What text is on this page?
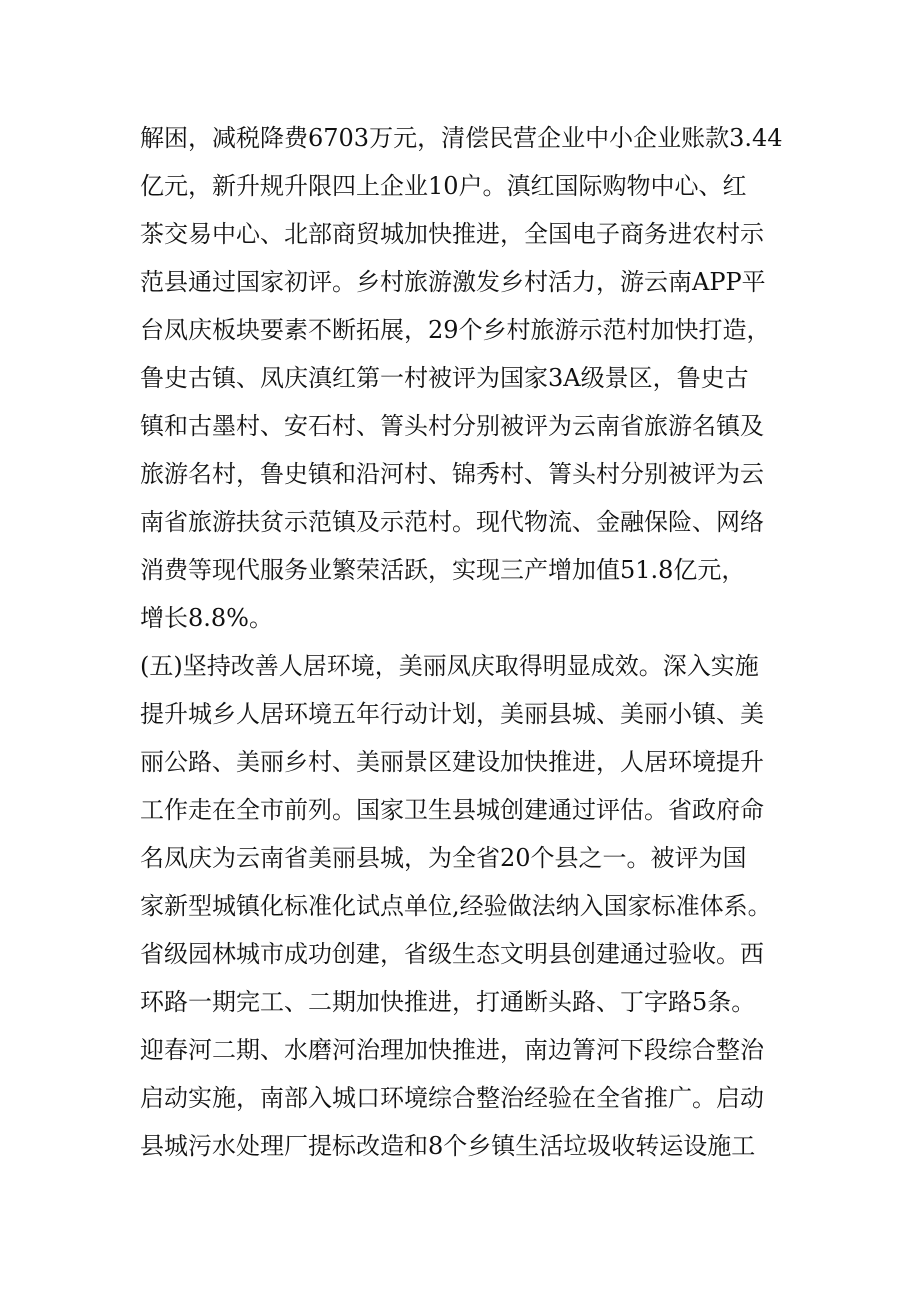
解困，减税降费6703万元，清偿民营企业中小企业账款3.44
亿元，新升规升限四上企业10户。滇红国际购物中心、红
茶交易中心、北部商贸城加快推进，全国电子商务进农村示
范县通过国家初评。乡村旅游激发乡村活力，游云南APP平
台凤庆板块要素不断拓展，29个乡村旅游示范村加快打造，
鲁史古镇、凤庆滇红第一村被评为国家3A级景区，鲁史古
镇和古墨村、安石村、箐头村分别被评为云南省旅游名镇及
旅游名村，鲁史镇和沿河村、锦秀村、箐头村分别被评为云
南省旅游扶贫示范镇及示范村。现代物流、金融保险、网络
消费等现代服务业繁荣活跃，实现三产增加值51.8亿元，
增长8.8%。
(五)坚持改善人居环境，美丽凤庆取得明显成效。深入实施
提升城乡人居环境五年行动计划，美丽县城、美丽小镇、美
丽公路、美丽乡村、美丽景区建设加快推进，人居环境提升
工作走在全市前列。国家卫生县城创建通过评估。省政府命
名凤庆为云南省美丽县城，为全省20个县之一。被评为国
家新型城镇化标准化试点单位,经验做法纳入国家标准体系。
省级园林城市成功创建，省级生态文明县创建通过验收。西
环路一期完工、二期加快推进，打通断头路、丁字路5条。
迎春河二期、水磨河治理加快推进，南边箐河下段综合整治
启动实施，南部入城口环境综合整治经验在全省推广。启动
县城污水处理厂提标改造和8个乡镇生活垃圾收转运设施工
